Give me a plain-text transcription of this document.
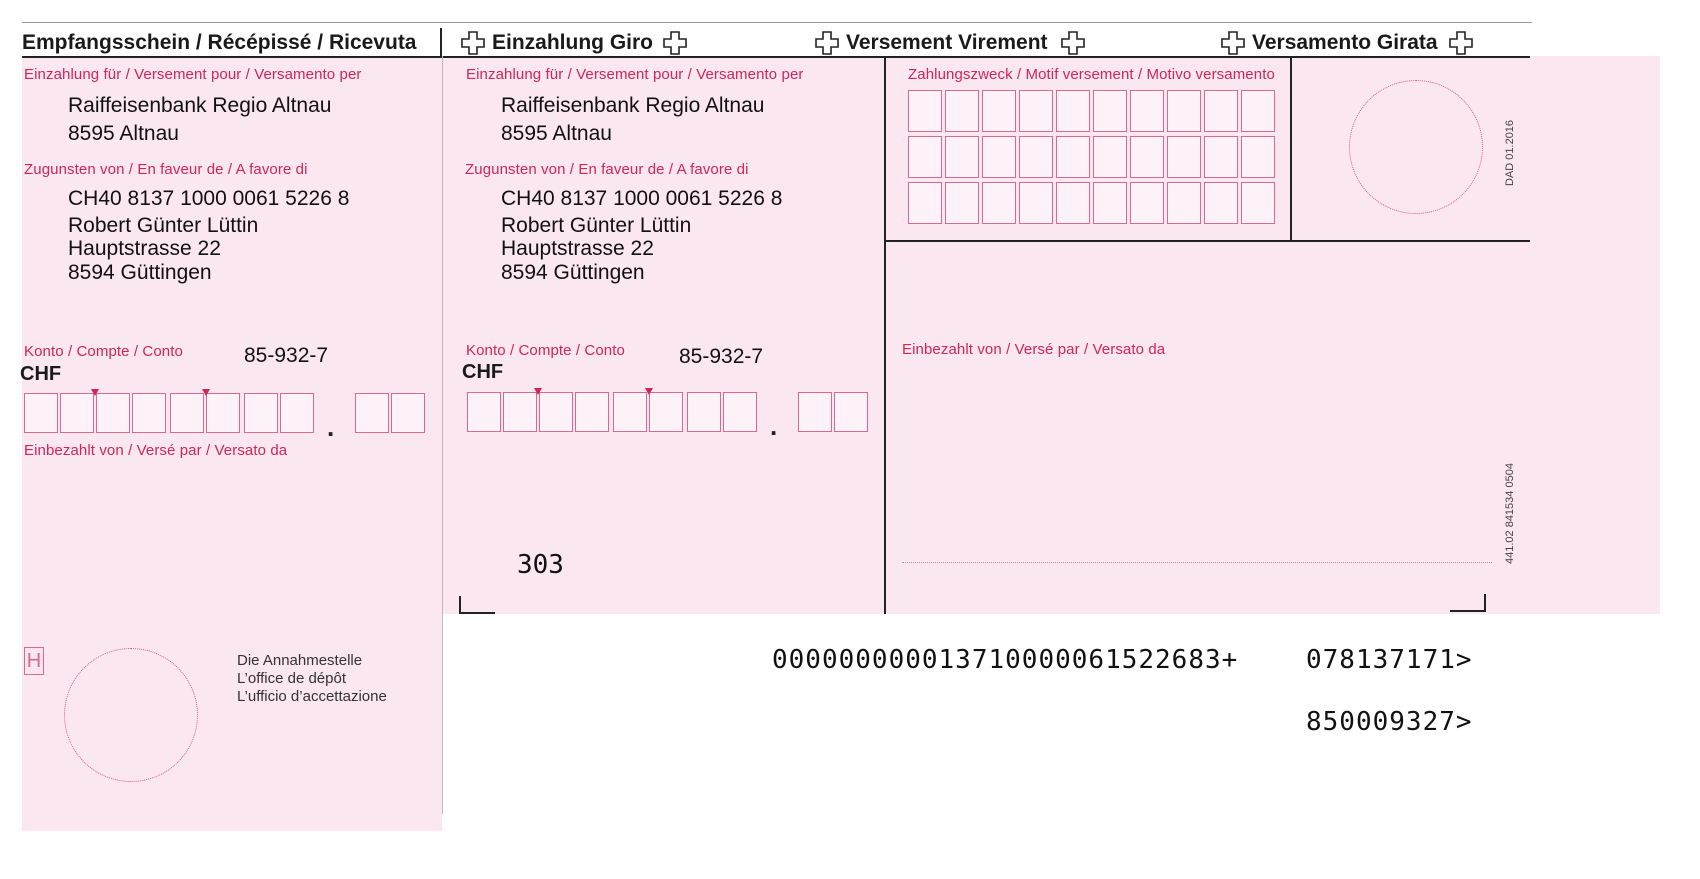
Empfangsschein / Récépissé / Ricevuta	Einzahlung Giro	Versement Virement	Versamento Girata
Einzahlung für / Versement pour / Versamento per
Raiffeisenbank Regio Altnau
8595 Altnau
Zugunsten von / En faveur de / A favore di
CH40 8137 1000 0061 5226 8
Robert Günter Lüttin
Hauptstrasse 22
8594 Güttingen
Konto / Compte / Conto	85-932-7
CHF
.
Einbezahlt von / Versé par / Versato da
H	Die Annahmestelle
L’office de dépôt
L’ufficio d’accettazione
Einzahlung für / Versement pour / Versamento per
Raiffeisenbank Regio Altnau
8595 Altnau
Zugunsten von / En faveur de / A favore di
CH40 8137 1000 0061 5226 8
Robert Günter Lüttin
Hauptstrasse 22
8594 Güttingen
Konto / Compte / Conto	85-932-7
CHF
.
303
Zahlungszweck / Motif versement / Motivo versamento
DAD 01.2016
Einbezahlt von / Versé par / Versato da
441.02 841534 0504
000000000013710000061522683+	078137171>
850009327>
